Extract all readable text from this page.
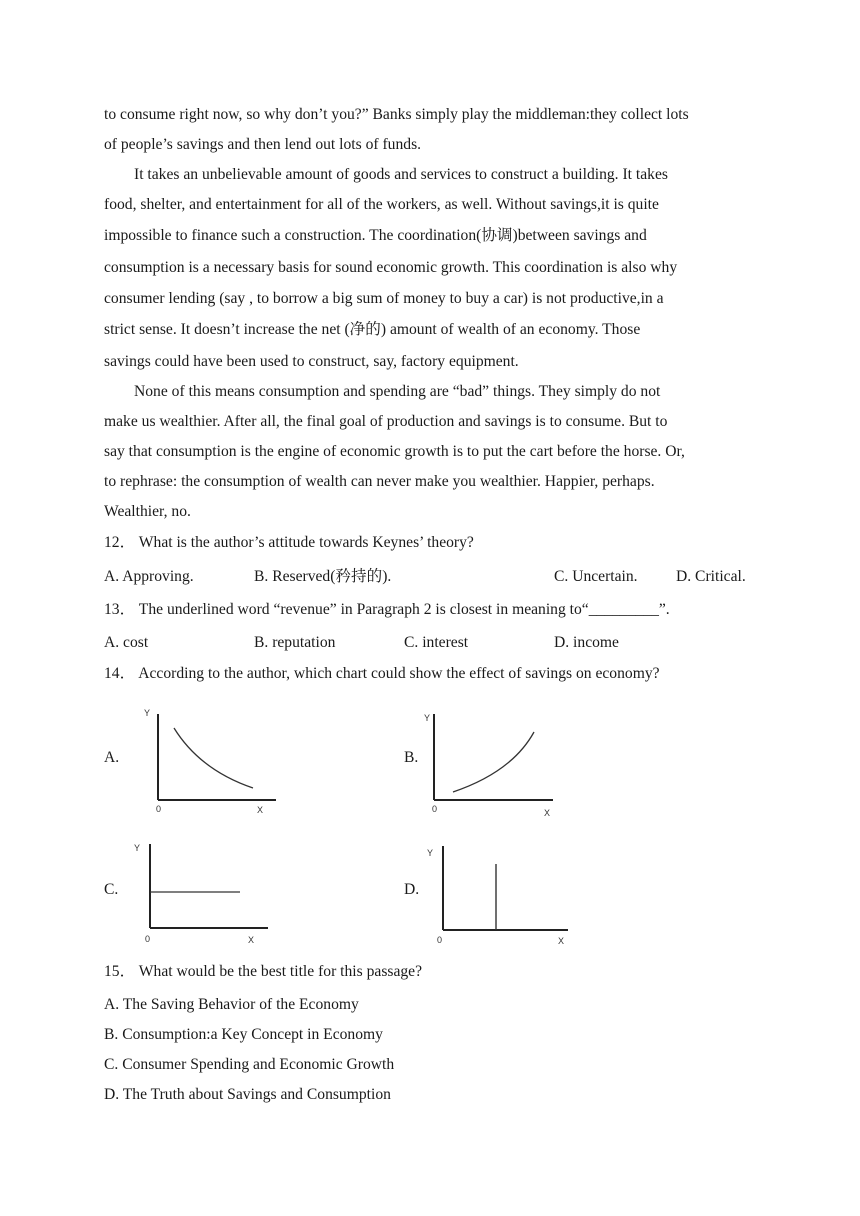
to consume right now, so why don’t you?” Banks simply play the middleman:they collect lots
of people’s savings and then lend out lots of funds.
It takes an unbelievable amount of goods and services to construct a building. It takes
food, shelter, and entertainment for all of the workers, as well. Without savings,it is quite
impossible to finance such a construction. The coordination(协调)between savings and
consumption is a necessary basis for sound economic growth. This coordination is also why
consumer lending (say , to borrow a big sum of money to buy a car) is not productive,in a
strict sense. It doesn’t increase the net (净的) amount of wealth of an economy. Those
savings could have been used to construct, say, factory equipment.
None of this means consumption and spending are “bad” things. They simply do not
make us wealthier. After all, the final goal of production and savings is to consume. But to
say that consumption is the engine of economic growth is to put the cart before the horse. Or,
to rephrase: the consumption of wealth can never make you wealthier. Happier, perhaps.
Wealthier, no.
12． What is the author’s attitude towards Keynes’ theory?
A. Approving.	B. Reserved(矜持的).	C. Uncertain. D. Critical.
13． The underlined word “revenue” in Paragraph 2 is closest in meaning to“_________”.
A. cost	B. reputation	C. interest	D. income
14． According to the author, which chart could show the effect of savings on economy?
A.	B.
C.	D.
Y
0	X
Y
0	X
Y
0	X
Y
0	X
15． What would be the best title for this passage?
A. The Saving Behavior of the Economy
B. Consumption:a Key Concept in Economy
C. Consumer Spending and Economic Growth
D. The Truth about Savings and Consumption
